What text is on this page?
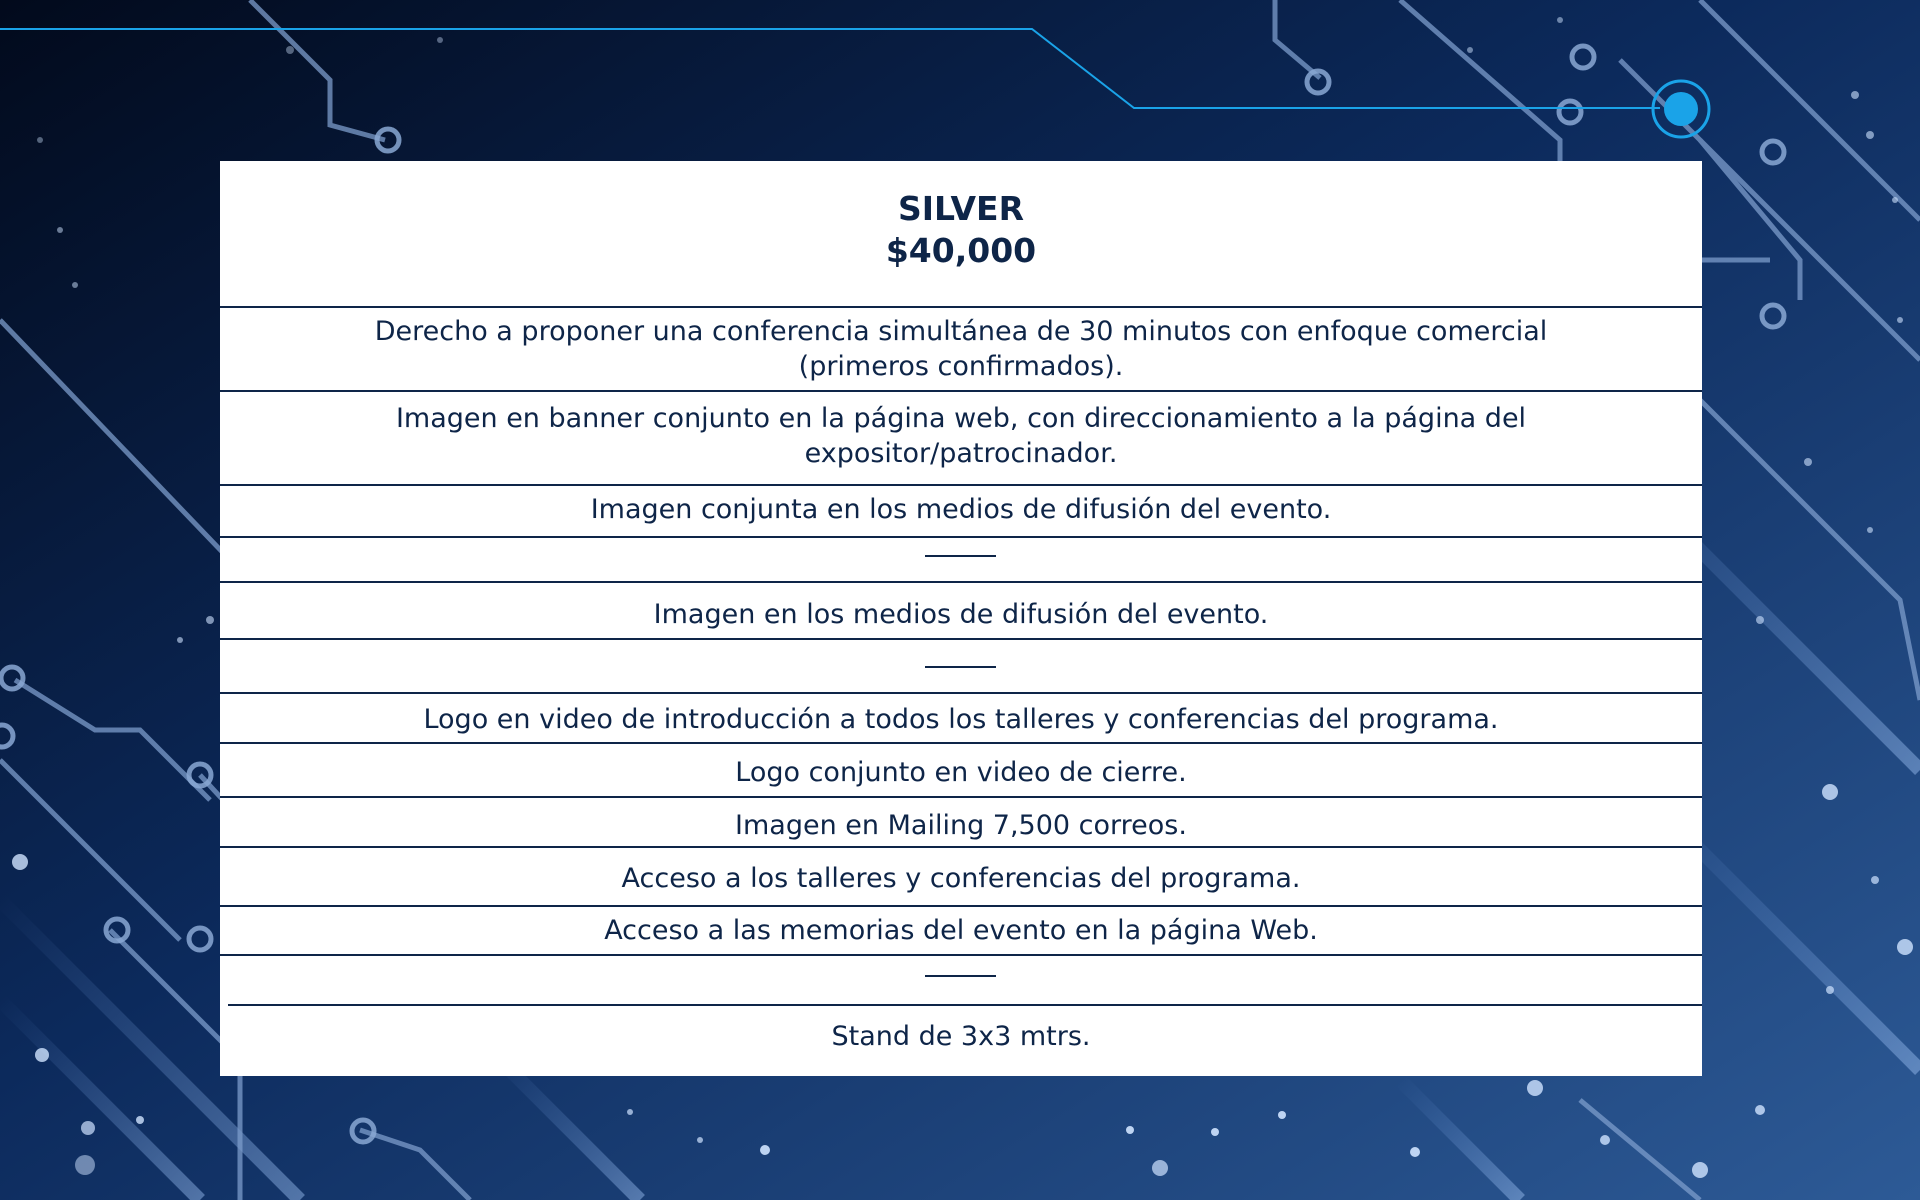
SILVER
$40,000
Derecho a proponer una conferencia simultánea de 30 minutos con enfoque comercial
(primeros confirmados).
Imagen en banner conjunto en la página web, con direccionamiento a la página del
expositor/patrocinador.
Imagen conjunta en los medios de difusión del evento.
Imagen en los medios de difusión del evento.
Logo en video de introducción a todos los talleres y conferencias del programa.
Logo conjunto en video de cierre.
Imagen en Mailing 7,500 correos.
Acceso a los talleres y conferencias del programa.
Acceso a las memorias del evento en la página Web.
Stand de 3x3 mtrs.
